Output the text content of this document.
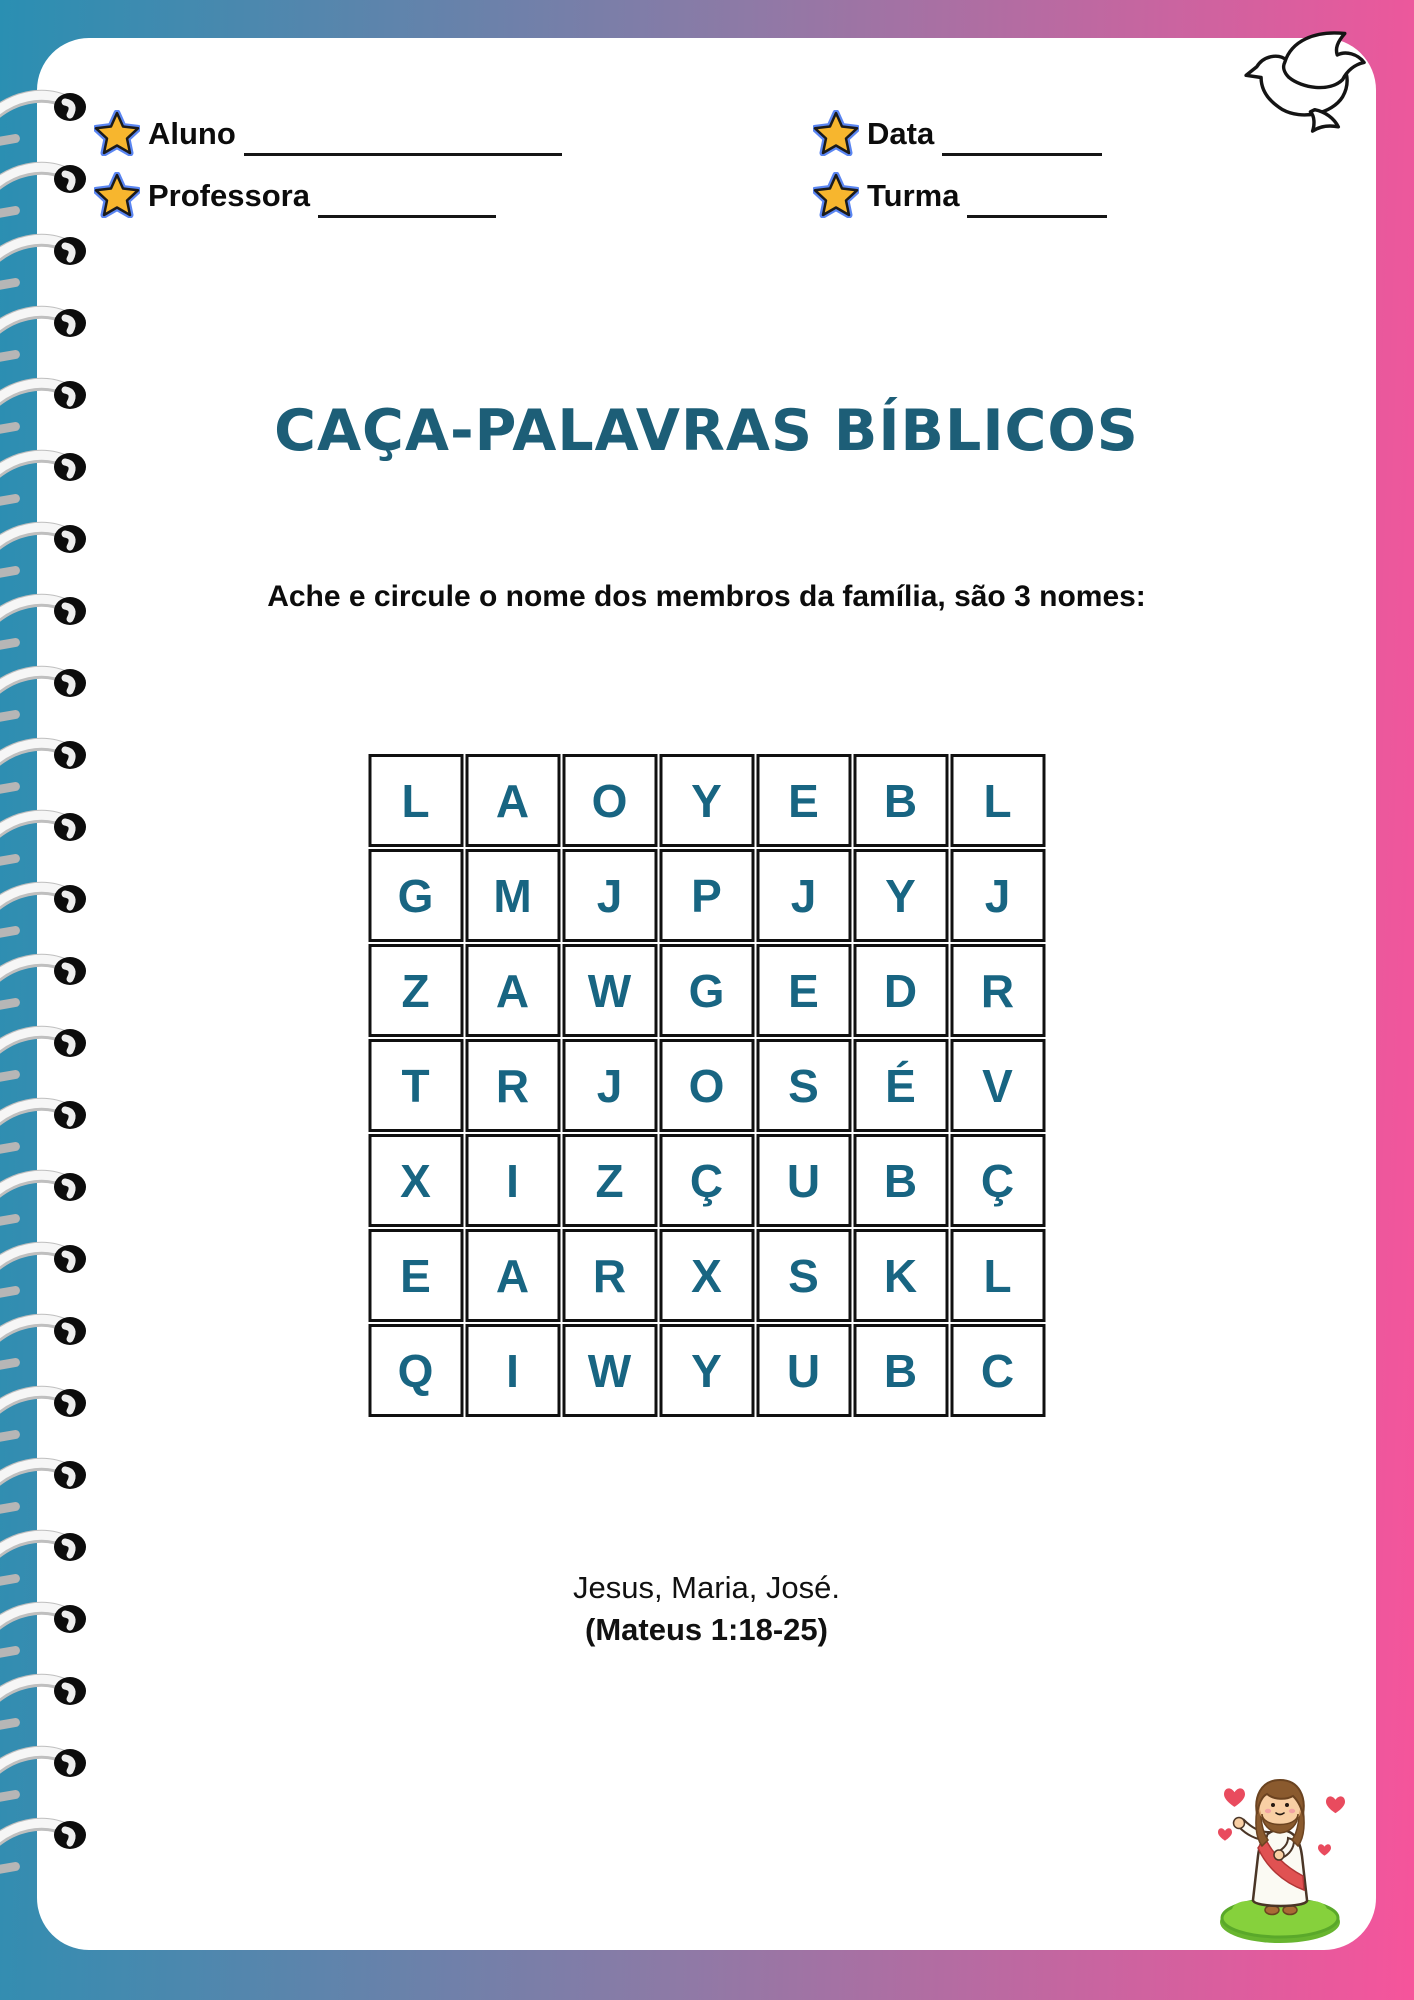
Aluno	Data
Professora	Turma
CAÇA-PALAVRAS BÍBLICOS
Ache e circule o nome dos membros da família, são 3 nomes:
L	A	O	Y	E	B	L
G	M	J	P	J	Y	J
Z	A	W	G	E	D	R
T	R	J	O	S	É	V
X	I	Z	Ç	U	B	Ç
E	A	R	X	S	K	L
Q	I	W	Y	U	B	C
Jesus, Maria, José.
(Mateus 1:18-25)
